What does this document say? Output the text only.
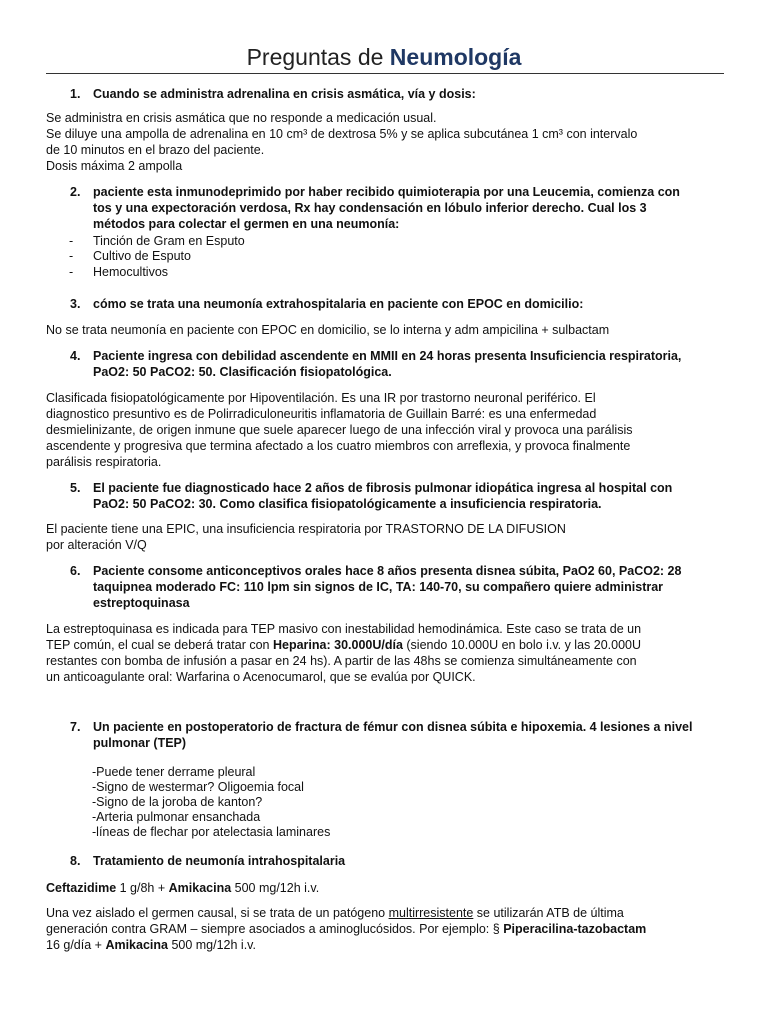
Preguntas de Neumología
1. Cuando se administra adrenalina en crisis asmática, vía y dosis:
Se administra en crisis asmática que no responde a medicación usual.
Se diluye una ampolla de adrenalina en 10 cm³ de dextrosa 5% y se aplica subcutánea 1 cm³ con intervalo
de 10 minutos en el brazo del paciente.
Dosis máxima 2 ampolla
2. paciente esta inmunodeprimido por haber recibido quimioterapia por una Leucemia, comienza con
tos y una expectoración verdosa, Rx hay condensación en lóbulo inferior derecho. Cual los 3
métodos para colectar el germen en una neumonía:
- Tinción de Gram en Esputo
- Cultivo de Esputo
- Hemocultivos
3. cómo se trata una neumonía extrahospitalaria en paciente con EPOC en domicilio:
No se trata neumonía en paciente con EPOC en domicilio, se lo interna y adm ampicilina + sulbactam
4. Paciente ingresa con debilidad ascendente en MMII en 24 horas presenta Insuficiencia respiratoria,
PaO2: 50 PaCO2: 50. Clasificación fisiopatológica.
Clasificada fisiopatológicamente por Hipoventilación. Es una IR por trastorno neuronal periférico. El
diagnostico presuntivo es de Polirradiculoneuritis inflamatoria de Guillain Barré: es una enfermedad
desmielinizante, de origen inmune que suele aparecer luego de una infección viral y provoca una parálisis
ascendente y progresiva que termina afectado a los cuatro miembros con arreflexia, y provoca finalmente
parálisis respiratoria.
5. El paciente fue diagnosticado hace 2 años de fibrosis pulmonar idiopática ingresa al hospital con
PaO2: 50 PaCO2: 30. Como clasifica fisiopatológicamente a insuficiencia respiratoria.
El paciente tiene una EPIC, una insuficiencia respiratoria por TRASTORNO DE LA DIFUSION
por alteración V/Q
6. Paciente consome anticonceptivos orales hace 8 años presenta disnea súbita, PaO2 60, PaCO2: 28
taquipnea moderado FC: 110 lpm sin signos de IC, TA: 140-70, su compañero quiere administrar
estreptoquinasa
La estreptoquinasa es indicada para TEP masivo con inestabilidad hemodinámica. Este caso se trata de un
TEP común, el cual se deberá tratar con Heparina: 30.000U/día (siendo 10.000U en bolo i.v. y las 20.000U
restantes con bomba de infusión a pasar en 24 hs). A partir de las 48hs se comienza simultáneamente con
un anticoagulante oral: Warfarina o Acenocumarol, que se evalúa por QUICK.
7. Un paciente en postoperatorio de fractura de fémur con disnea súbita e hipoxemia. 4 lesiones a nivel
pulmonar (TEP)
-Puede tener derrame pleural
-Signo de westermar? Oligoemia focal
-Signo de la joroba de kanton?
-Arteria pulmonar ensanchada
-líneas de flechar por atelectasia laminares
8. Tratamiento de neumonía intrahospitalaria
Ceftazidime 1 g/8h + Amikacina 500 mg/12h i.v.
Una vez aislado el germen causal, si se trata de un patógeno multirresistente se utilizarán ATB de última
generación contra GRAM – siempre asociados a aminoglucósidos. Por ejemplo: § Piperacilina-tazobactam
16 g/día + Amikacina 500 mg/12h i.v.
